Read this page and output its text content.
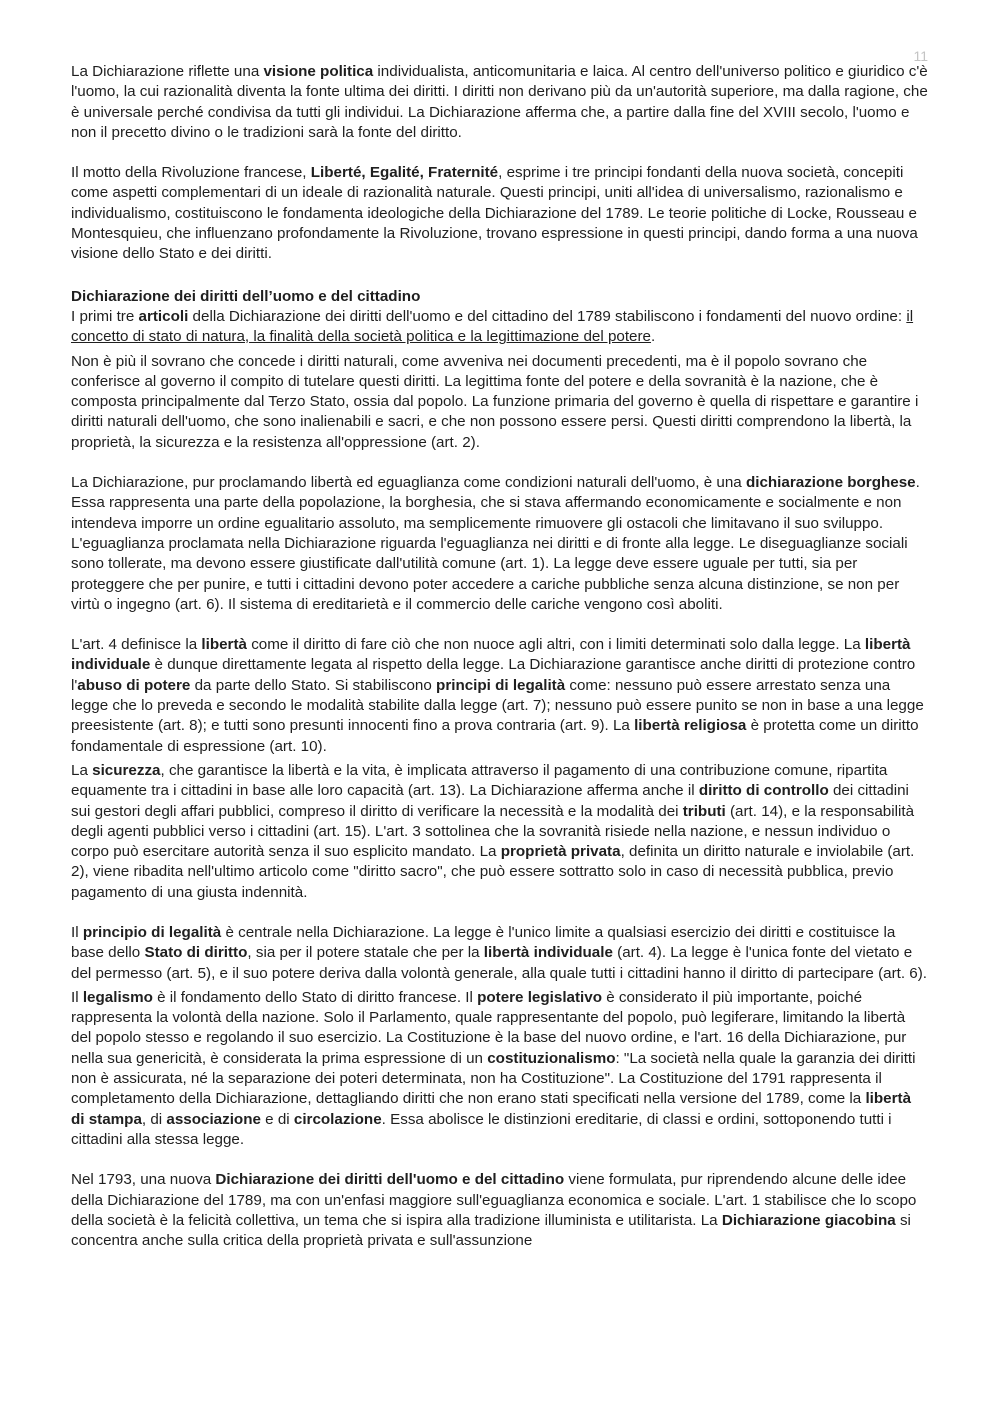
11

La Dichiarazione riflette una visione politica individualista, anticomunitaria e laica. Al centro dell'universo politico e giuridico c'è l'uomo, la cui razionalità diventa la fonte ultima dei diritti. I diritti non derivano più da un'autorità superiore, ma dalla ragione, che è universale perché condivisa da tutti gli individui. La Dichiarazione afferma che, a partire dalla fine del XVIII secolo, l'uomo e non il precetto divino o le tradizioni sarà la fonte del diritto.

Il motto della Rivoluzione francese, Liberté, Egalité, Fraternité, esprime i tre principi fondanti della nuova società, concepiti come aspetti complementari di un ideale di razionalità naturale. Questi principi, uniti all'idea di universalismo, razionalismo e individualismo, costituiscono le fondamenta ideologiche della Dichiarazione del 1789. Le teorie politiche di Locke, Rousseau e Montesquieu, che influenzano profondamente la Rivoluzione, trovano espressione in questi principi, dando forma a una nuova visione dello Stato e dei diritti.

Dichiarazione dei diritti dell’uomo e del cittadino

I primi tre articoli della Dichiarazione dei diritti dell'uomo e del cittadino del 1789 stabiliscono i fondamenti del nuovo ordine: il concetto di stato di natura, la finalità della società politica e la legittimazione del potere.

Non è più il sovrano che concede i diritti naturali, come avveniva nei documenti precedenti, ma è il popolo sovrano che conferisce al governo il compito di tutelare questi diritti. La legittima fonte del potere e della sovranità è la nazione, che è composta principalmente dal Terzo Stato, ossia dal popolo. La funzione primaria del governo è quella di rispettare e garantire i diritti naturali dell'uomo, che sono inalienabili e sacri, e che non possono essere persi. Questi diritti comprendono la libertà, la proprietà, la sicurezza e la resistenza all'oppressione (art. 2).

La Dichiarazione, pur proclamando libertà ed eguaglianza come condizioni naturali dell'uomo, è una dichiarazione borghese. Essa rappresenta una parte della popolazione, la borghesia, che si stava affermando economicamente e socialmente e non intendeva imporre un ordine egualitario assoluto, ma semplicemente rimuovere gli ostacoli che limitavano il suo sviluppo. L'eguaglianza proclamata nella Dichiarazione riguarda l'eguaglianza nei diritti e di fronte alla legge. Le diseguaglianze sociali sono tollerate, ma devono essere giustificate dall'utilità comune (art. 1). La legge deve essere uguale per tutti, sia per proteggere che per punire, e tutti i cittadini devono poter accedere a cariche pubbliche senza alcuna distinzione, se non per virtù o ingegno (art. 6). Il sistema di ereditarietà e il commercio delle cariche vengono così aboliti.

L'art. 4 definisce la libertà come il diritto di fare ciò che non nuoce agli altri, con i limiti determinati solo dalla legge. La libertà individuale è dunque direttamente legata al rispetto della legge. La Dichiarazione garantisce anche diritti di protezione contro l'abuso di potere da parte dello Stato. Si stabiliscono principi di legalità come: nessuno può essere arrestato senza una legge che lo preveda e secondo le modalità stabilite dalla legge (art. 7); nessuno può essere punito se non in base a una legge preesistente (art. 8); e tutti sono presunti innocenti fino a prova contraria (art. 9). La libertà religiosa è protetta come un diritto fondamentale di espressione (art. 10).

La sicurezza, che garantisce la libertà e la vita, è implicata attraverso il pagamento di una contribuzione comune, ripartita equamente tra i cittadini in base alle loro capacità (art. 13). La Dichiarazione afferma anche il diritto di controllo dei cittadini sui gestori degli affari pubblici, compreso il diritto di verificare la necessità e la modalità dei tributi (art. 14), e la responsabilità degli agenti pubblici verso i cittadini (art. 15). L'art. 3 sottolinea che la sovranità risiede nella nazione, e nessun individuo o corpo può esercitare autorità senza il suo esplicito mandato. La proprietà privata, definita un diritto naturale e inviolabile (art. 2), viene ribadita nell'ultimo articolo come "diritto sacro", che può essere sottratto solo in caso di necessità pubblica, previo pagamento di una giusta indennità.

Il principio di legalità è centrale nella Dichiarazione. La legge è l'unico limite a qualsiasi esercizio dei diritti e costituisce la base dello Stato di diritto, sia per il potere statale che per la libertà individuale (art. 4). La legge è l'unica fonte del vietato e del permesso (art. 5), e il suo potere deriva dalla volontà generale, alla quale tutti i cittadini hanno il diritto di partecipare (art. 6).

Il legalismo è il fondamento dello Stato di diritto francese. Il potere legislativo è considerato il più importante, poiché rappresenta la volontà della nazione. Solo il Parlamento, quale rappresentante del popolo, può legiferare, limitando la libertà del popolo stesso e regolando il suo esercizio. La Costituzione è la base del nuovo ordine, e l'art. 16 della Dichiarazione, pur nella sua genericità, è considerata la prima espressione di un costituzionalismo: "La società nella quale la garanzia dei diritti non è assicurata, né la separazione dei poteri determinata, non ha Costituzione". La Costituzione del 1791 rappresenta il completamento della Dichiarazione, dettagliando diritti che non erano stati specificati nella versione del 1789, come la libertà di stampa, di associazione e di circolazione. Essa abolisce le distinzioni ereditarie, di classi e ordini, sottoponendo tutti i cittadini alla stessa legge.

Nel 1793, una nuova Dichiarazione dei diritti dell'uomo e del cittadino viene formulata, pur riprendendo alcune delle idee della Dichiarazione del 1789, ma con un'enfasi maggiore sull'eguaglianza economica e sociale. L'art. 1 stabilisce che lo scopo della società è la felicità collettiva, un tema che si ispira alla tradizione illuminista e utilitarista. La Dichiarazione giacobina si concentra anche sulla critica della proprietà privata e sull'assunzione
